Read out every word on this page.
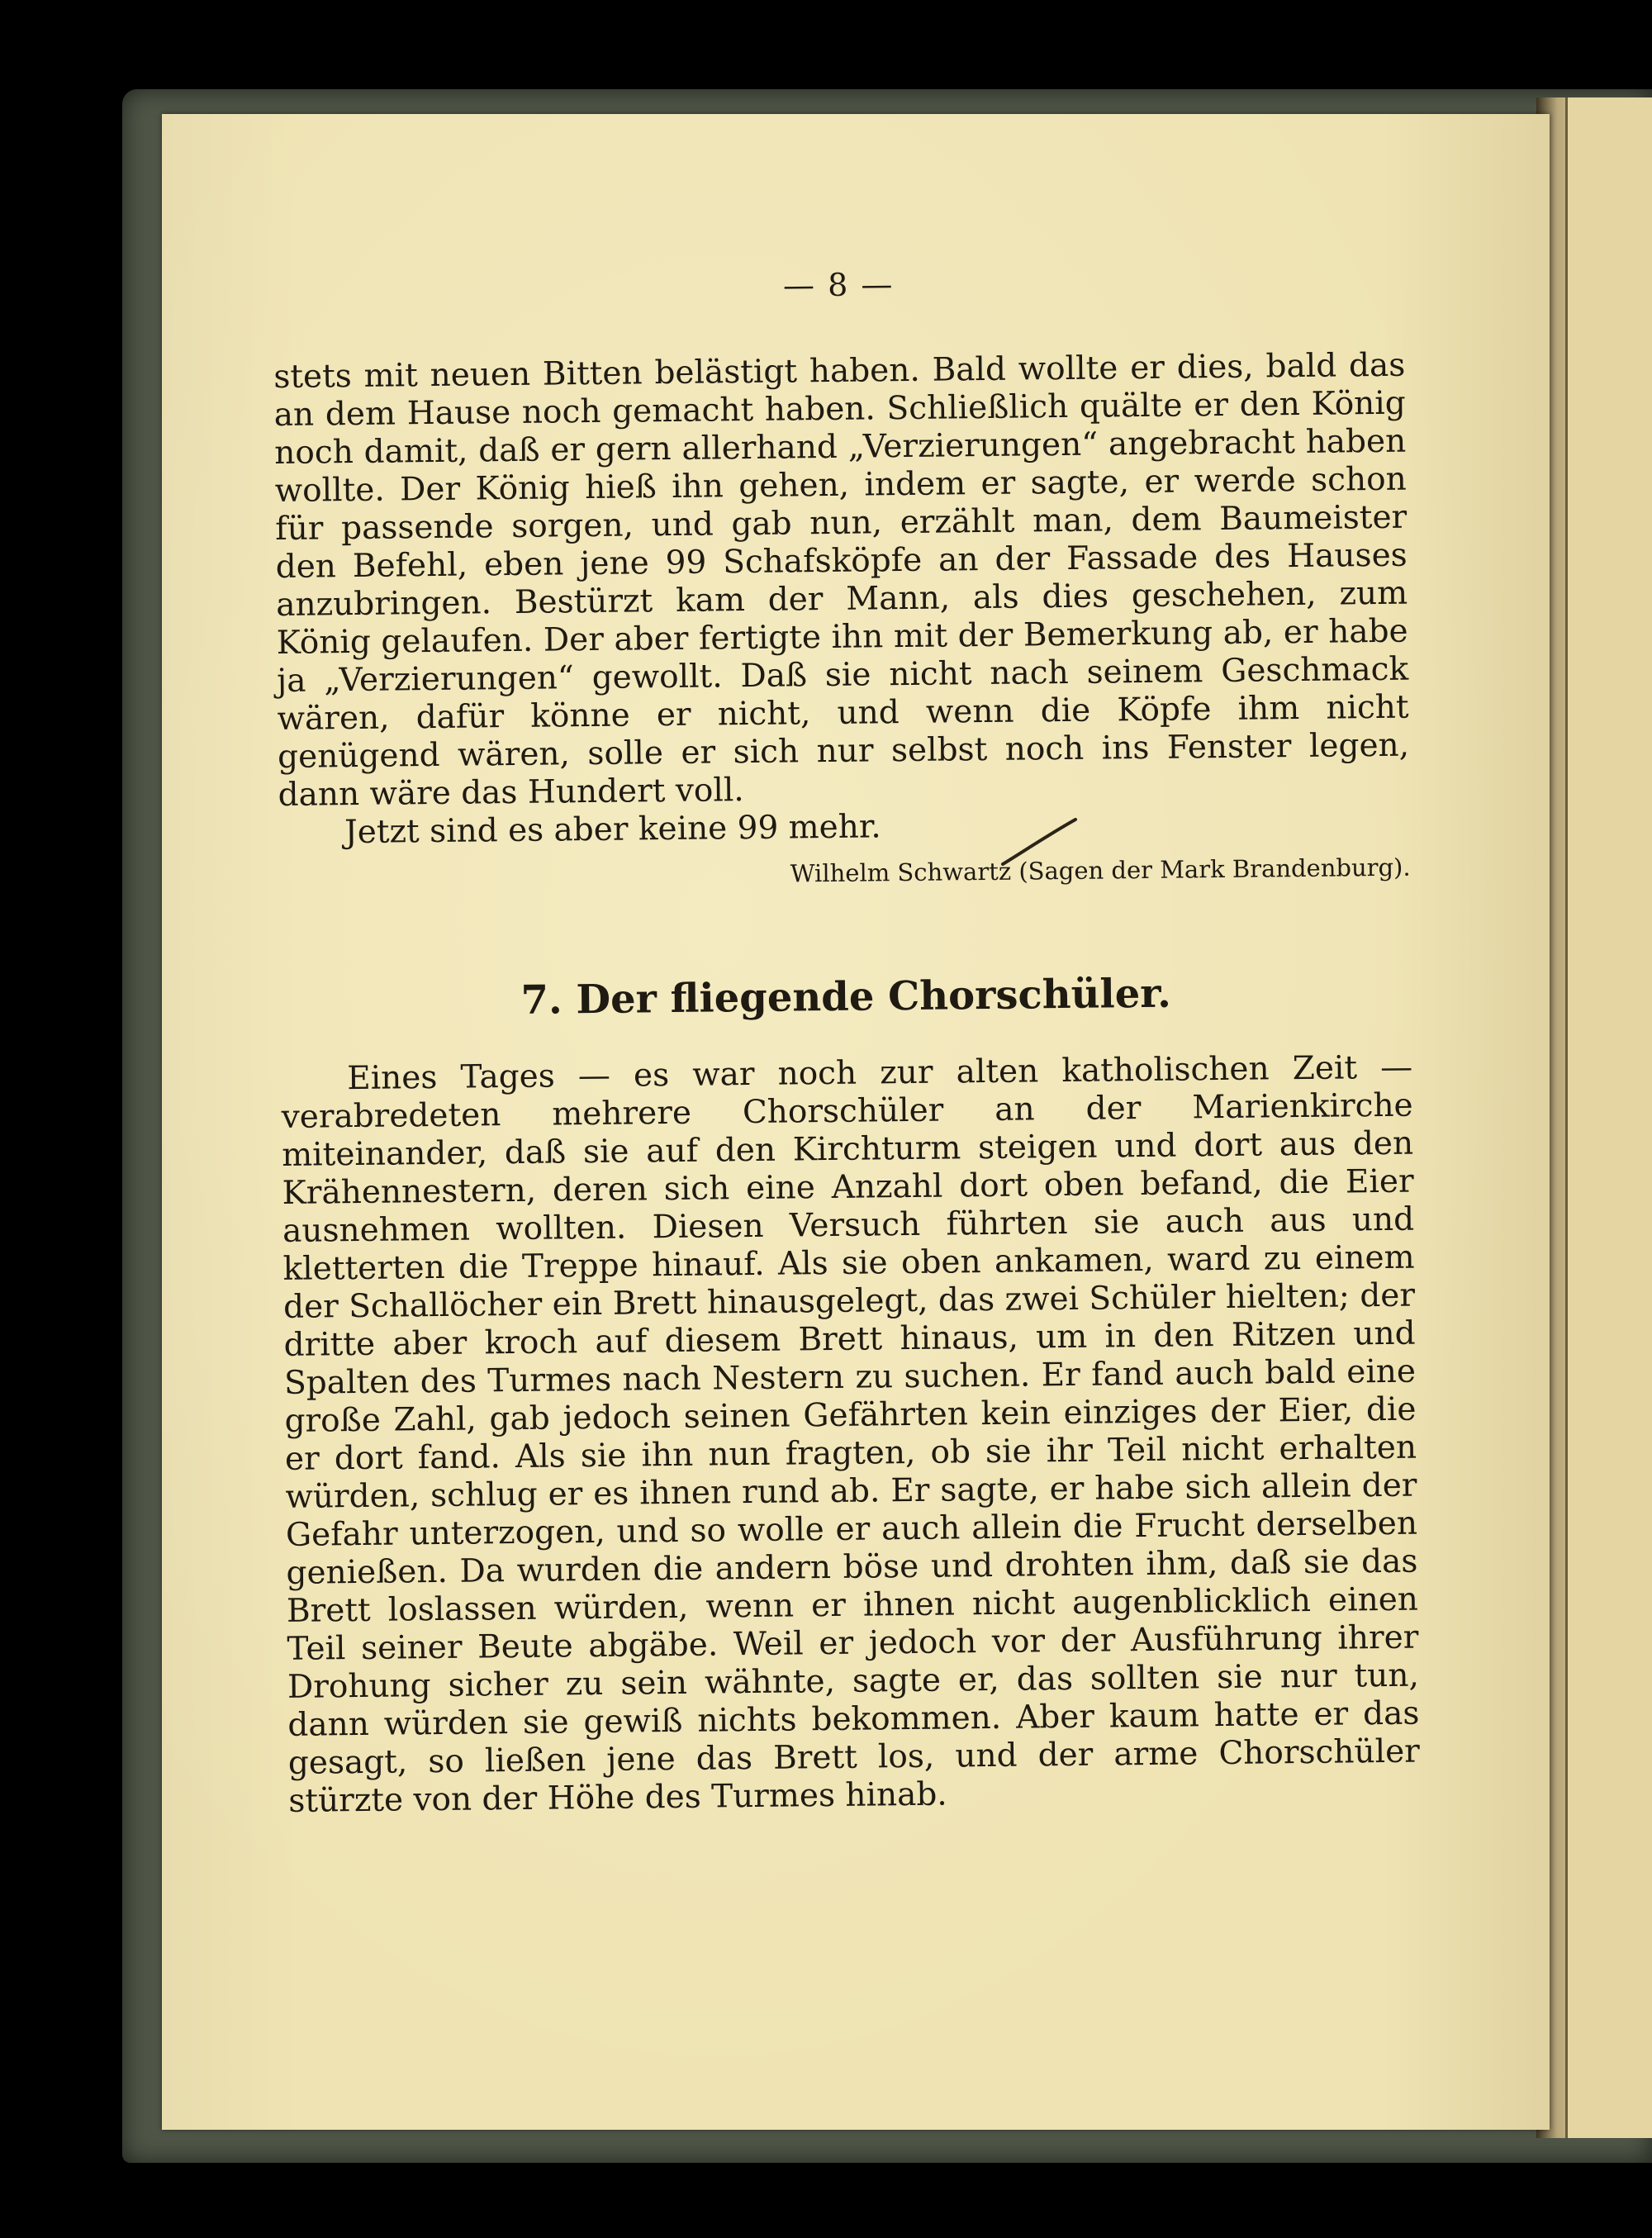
— 8 —

stets mit neuen Bitten belästigt haben. Bald wollte er dies, bald das an dem Hause noch gemacht haben. Schließlich quälte er den König noch damit, daß er gern allerhand „Verzierungen“ angebracht haben wollte. Der König hieß ihn gehen, indem er sagte, er werde schon für passende sorgen, und gab nun, erzählt man, dem Baumeister den Befehl, eben jene 99 Schafsköpfe an der Fassade des Hauses anzubringen. Bestürzt kam der Mann, als dies geschehen, zum König gelaufen. Der aber fertigte ihn mit der Bemerkung ab, er habe ja „Verzierungen“ gewollt. Daß sie nicht nach seinem Geschmack wären, dafür könne er nicht, und wenn die Köpfe ihm nicht genügend wären, solle er sich nur selbst noch ins Fenster legen, dann wäre das Hundert voll.

Jetzt sind es aber keine 99 mehr.

Wilhelm Schwartz (Sagen der Mark Brandenburg).

7. Der fliegende Chorschüler.

Eines Tages — es war noch zur alten katholischen Zeit — verabredeten mehrere Chorschüler an der Marienkirche miteinander, daß sie auf den Kirchturm steigen und dort aus den Krähennestern, deren sich eine Anzahl dort oben befand, die Eier ausnehmen wollten. Diesen Versuch führten sie auch aus und kletterten die Treppe hinauf. Als sie oben ankamen, ward zu einem der Schallöcher ein Brett hinausgelegt, das zwei Schüler hielten; der dritte aber kroch auf diesem Brett hinaus, um in den Ritzen und Spalten des Turmes nach Nestern zu suchen. Er fand auch bald eine große Zahl, gab jedoch seinen Gefährten kein einziges der Eier, die er dort fand. Als sie ihn nun fragten, ob sie ihr Teil nicht erhalten würden, schlug er es ihnen rund ab. Er sagte, er habe sich allein der Gefahr unterzogen, und so wolle er auch allein die Frucht derselben genießen. Da wurden die andern böse und drohten ihm, daß sie das Brett loslassen würden, wenn er ihnen nicht augenblicklich einen Teil seiner Beute abgäbe. Weil er jedoch vor der Ausführung ihrer Drohung sicher zu sein wähnte, sagte er, das sollten sie nur tun, dann würden sie gewiß nichts bekommen. Aber kaum hatte er das gesagt, so ließen jene das Brett los, und der arme Chorschüler stürzte von der Höhe des Turmes hinab.
